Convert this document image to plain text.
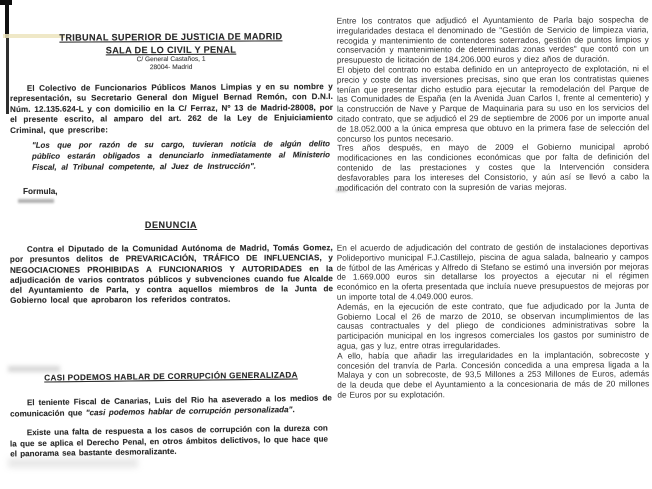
TRIBUNAL SUPERIOR DE JUSTICIA DE MADRID
SALA DE LO CIVIL Y PENAL
C/ General Castaños, 1
28004- Madrid

El Colectivo de Funcionarios Públicos Manos Limpias y en su nombre y representación, su Secretario General don Miguel Bernad Remón, con D.N.I. Núm. 12.135.624-L y con domicilio en la C/ Ferraz, Nº 13 de Madrid-28008, por el presente escrito, al amparo del art. 262 de la Ley de Enjuiciamiento Criminal, que prescribe:

"Los que por razón de su cargo, tuvieran noticia de algún delito público estarán obligados a denunciarlo inmediatamente al Ministerio Fiscal, al Tribunal competente, al Juez de Instrucción".

Formula,

DENUNCIA

Contra el Diputado de la Comunidad Autónoma de Madrid, Tomás Gomez, por presuntos delitos de PREVARICACIÓN, TRÁFICO DE INFLUENCIAS, y NEGOCIACIONES PROHIBIDAS A FUNCIONARIOS Y AUTORIDADES en la adjudicación de varios contratos públicos y subvenciones cuando fue Alcalde del Ayuntamiento de Parla, y contra aquellos miembros de la Junta de Gobierno local que aprobaron los referidos contratos.

CASI PODEMOS HABLAR DE CORRUPCIÓN GENERALIZADA

El teniente Fiscal de Canarias, Luis del Rio ha aseverado a los medios de comunicación que "casi podemos hablar de corrupción personalizada".

Existe una falta de respuesta a los casos de corrupción con la dureza con la que se aplica el Derecho Penal, en otros ámbitos delictivos, lo que hace que el panorama sea bastante desmoralizante.

Entre los contratos que adjudicó el Ayuntamiento de Parla bajo sospecha de irregularidades destaca el denominado de "Gestión de Servicio de limpieza viaria, recogida y mantenimiento de contendores soterrados, gestión de puntos limpios y conservación y mantenimiento de determinadas zonas verdes" que contó con un presupuesto de licitación de 184.206.000 euros y diez años de duración.

El objeto del contrato no estaba definido en un anteproyecto de explotación, ni el precio y coste de las inversiones precisas, sino que eran los contratistas quienes tenían que presentar dicho estudio para ejecutar la remodelación del Parque de las Comunidades de España (en la Avenida Juan Carlos I, frente al cementerio) y la construcción de Nave y Parque de Maquinaria para su uso en los servicios del citado contrato, que se adjudicó el 29 de septiembre de 2006 por un importe anual de 18.052.000 a la única empresa que obtuvo en la primera fase de selección del concurso los puntos necesario.

Tres años después, en mayo de 2009 el Gobierno municipal aprobó modificaciones en las condiciones económicas que por falta de definición del contenido de las prestaciones y costes que la Intervención considera desfavorables para los intereses del Consistorio, y aún así se llevó a cabo la modificación del contrato con la supresión de varias mejoras.

En el acuerdo de adjudicación del contrato de gestión de instalaciones deportivas Polideportivo municipal F.J.Castillejo, piscina de agua salada, balneario y campos de fútbol de las Américas y Alfredo di Stefano se estimó una inversión por mejoras de 1.669.000 euros sin detallarse los proyectos a ejecutar ni el régimen económico en la oferta presentada que incluía nueve presupuestos de mejoras por un importe total de 4.049.000 euros.

Además, en la ejecución de este contrato, que fue adjudicado por la Junta de Gobierno Local el 26 de marzo de 2010, se observan incumplimientos de las causas contractuales y del pliego de condiciones administrativas sobre la participación municipal en los ingresos comerciales los gastos por suministro de agua, gas y luz, entre otras irregularidades.

A ello, había que añadir las irregularidades en la implantación, sobrecoste y concesión del tranvía de Parla. Concesión concedida a una empresa ligada a la Malaya y con un sobrecoste, de 93,5 Millones a 253 Millones de Euros, además de la deuda que debe el Ayuntamiento a la concesionaria de más de 20 millones de Euros por su explotación.
